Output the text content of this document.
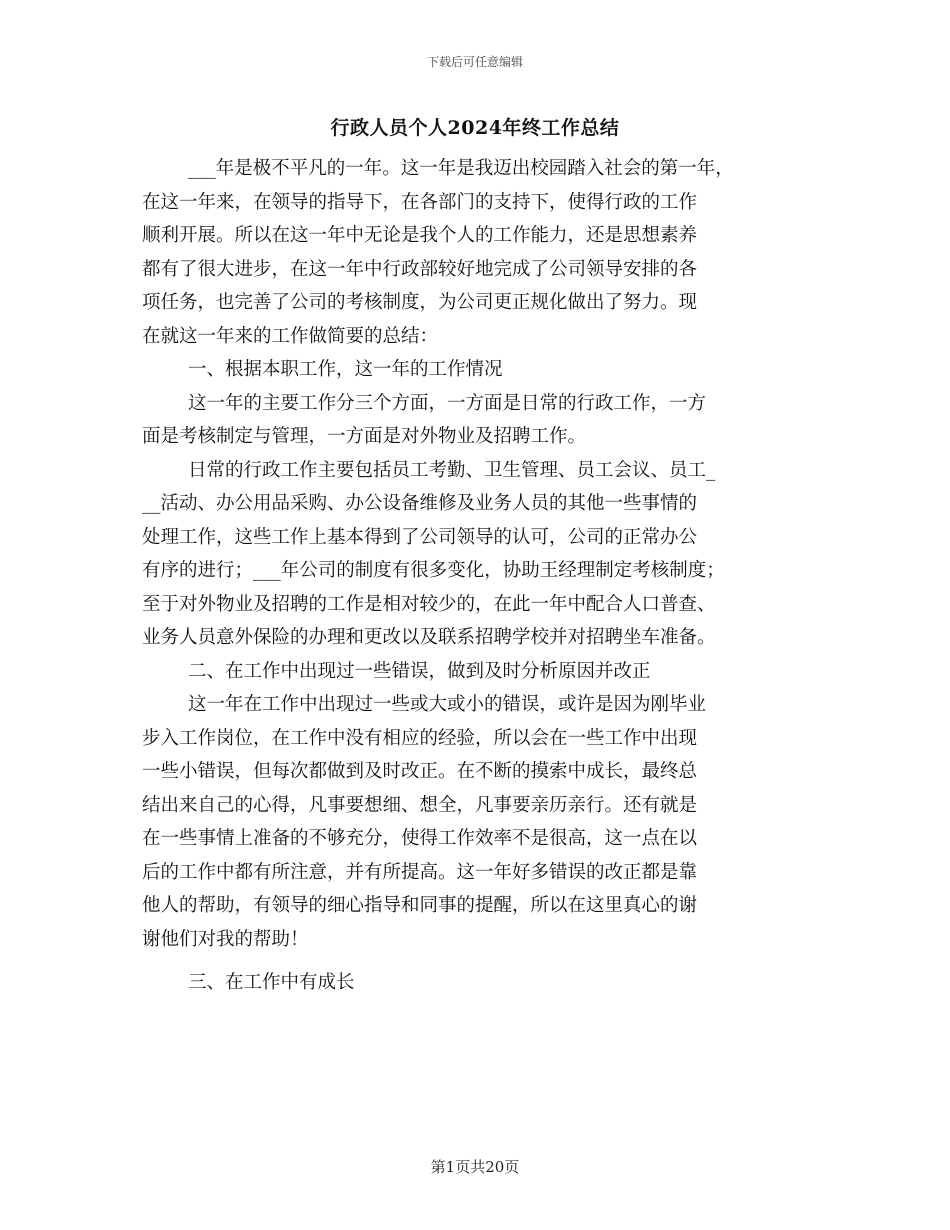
下载后可任意编辑
行政人员个人2024年终工作总结
___年是极不平凡的一年。这一年是我迈出校园踏入社会的第一年，
在这一年来，在领导的指导下，在各部门的支持下，使得行政的工作
顺利开展。所以在这一年中无论是我个人的工作能力，还是思想素养
都有了很大进步，在这一年中行政部较好地完成了公司领导安排的各
项任务，也完善了公司的考核制度，为公司更正规化做出了努力。现
在就这一年来的工作做简要的总结：
一、根据本职工作，这一年的工作情况
这一年的主要工作分三个方面，一方面是日常的行政工作，一方
面是考核制定与管理，一方面是对外物业及招聘工作。
日常的行政工作主要包括员工考勤、卫生管理、员工会议、员工_
__活动、办公用品采购、办公设备维修及业务人员的其他一些事情的
处理工作，这些工作上基本得到了公司领导的认可，公司的正常办公
有序的进行；___年公司的制度有很多变化，协助王经理制定考核制度；
至于对外物业及招聘的工作是相对较少的，在此一年中配合人口普查、
业务人员意外保险的办理和更改以及联系招聘学校并对招聘坐车准备。
二、在工作中出现过一些错误，做到及时分析原因并改正
这一年在工作中出现过一些或大或小的错误，或许是因为刚毕业
步入工作岗位，在工作中没有相应的经验，所以会在一些工作中出现
一些小错误，但每次都做到及时改正。在不断的摸索中成长，最终总
结出来自己的心得，凡事要想细、想全，凡事要亲历亲行。还有就是
在一些事情上准备的不够充分，使得工作效率不是很高，这一点在以
后的工作中都有所注意，并有所提高。这一年好多错误的改正都是靠
他人的帮助，有领导的细心指导和同事的提醒，所以在这里真心的谢
谢他们对我的帮助！
三、在工作中有成长
第1页共20页
